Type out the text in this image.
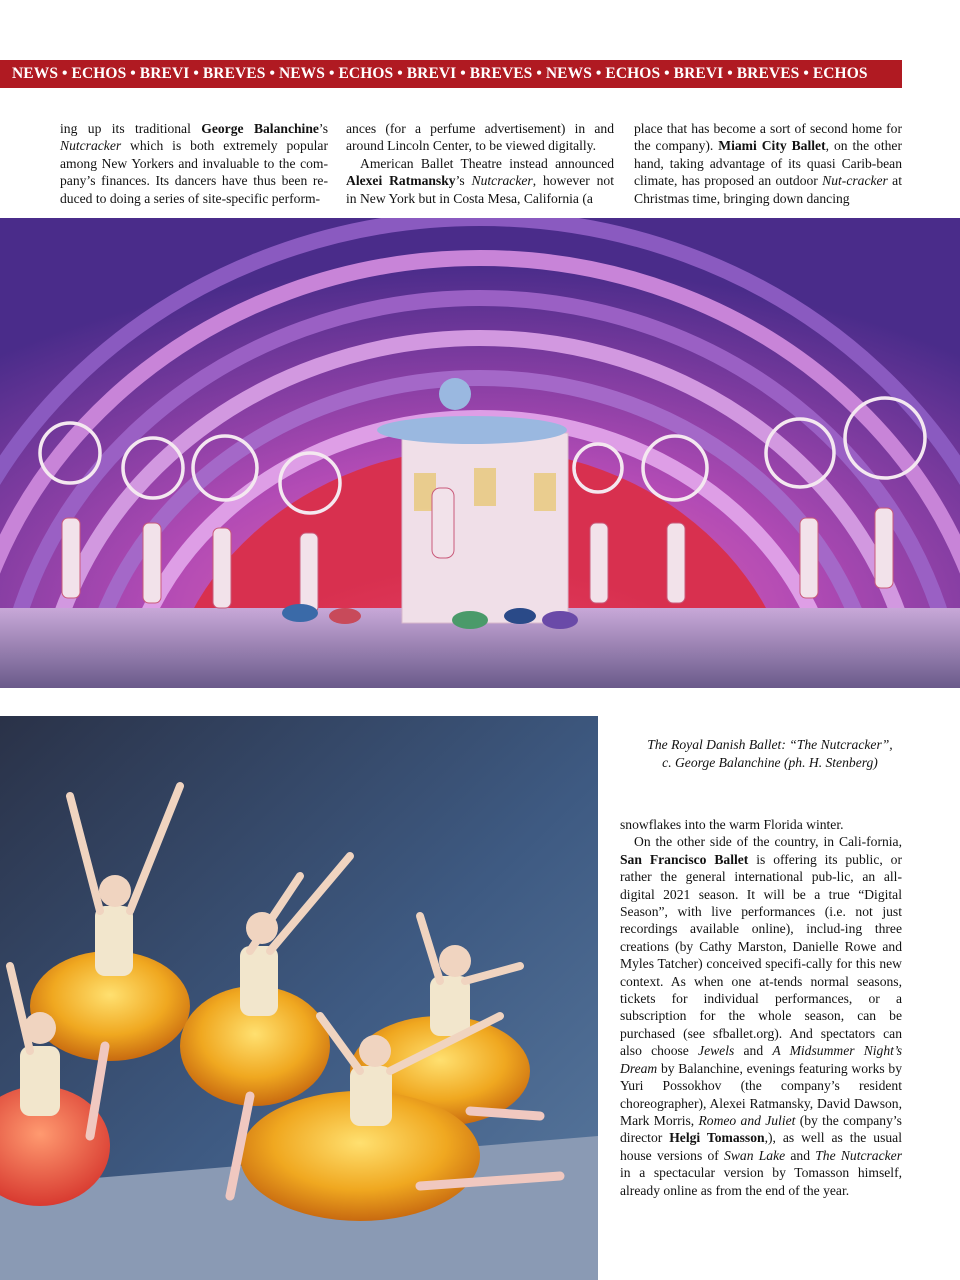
NEWS • ECHOS • BREVI • BREVES • NEWS • ECHOS • BREVI • BREVES • NEWS • ECHOS • BREVI • BREVES • ECHOS

ing up its traditional George Balanchine’s Nutcracker which is both extremely popular among New Yorkers and invaluable to the com-pany’s finances. Its dancers have thus been re-duced to doing a series of site-specific perform-

ances (for a perfume advertisement) in and around Lincoln Center, to be viewed digitally.

American Ballet Theatre instead announced Alexei Ratmansky’s Nutcracker, however not in New York but in Costa Mesa, California (a

place that has become a sort of second home for the company). Miami City Ballet, on the other hand, taking advantage of its quasi Carib-bean climate, has proposed an outdoor Nut-cracker at Christmas time, bringing down dancing

The Royal Danish Ballet: “The Nutcracker”,
c. George Balanchine (ph. H. Stenberg)

snowflakes into the warm Florida winter.

On the other side of the country, in Cali-fornia, San Francisco Ballet is offering its public, or rather the general international pub-lic, an all-digital 2021 season. It will be a true “Digital Season”, with live performances (i.e. not just recordings available online), includ-ing three creations (by Cathy Marston, Danielle Rowe and Myles Tatcher) conceived specifi-cally for this new context. As when one at-tends normal seasons, tickets for individual performances, or a subscription for the whole season, can be purchased (see sfballet.org). And spectators can also choose Jewels and A Midsummer Night’s Dream by Balanchine, evenings featuring works by Yuri Possokhov (the company’s resident choreographer), Alexei Ratmansky, David Dawson, Mark Morris, Romeo and Juliet (by the company’s director Helgi Tomasson,), as well as the usual house versions of Swan Lake and The Nutcracker in a spectacular version by Tomasson himself, already online as from the end of the year.
